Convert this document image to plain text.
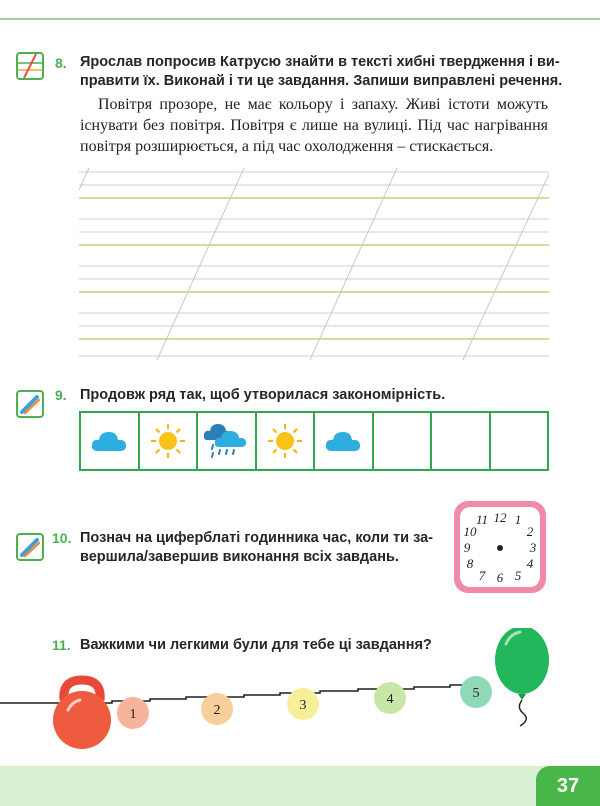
8. Ярослав попросив Катрусю знайти в тексті хибні твердження і ви-
правити їх. Виконай і ти це завдання. Запиши виправлені речення.
Повітря прозоре, не має кольору і запаху. Живі істоти можуть існувати без повітря. Повітря є лише на вулиці. Під час нагрівання повітря розширюється, а під час охолодження – стискається.
9. Продовж ряд так, щоб утворилася закономірність.
10. Познач на циферблаті годинника час, коли ти за-
вершила/завершив виконання всіх завдань.
12 1
2
3
4
5
6
7
8
9
10
11
11. Важкими чи легкими були для тебе ці завдання?
1	2	3	4	5
37
